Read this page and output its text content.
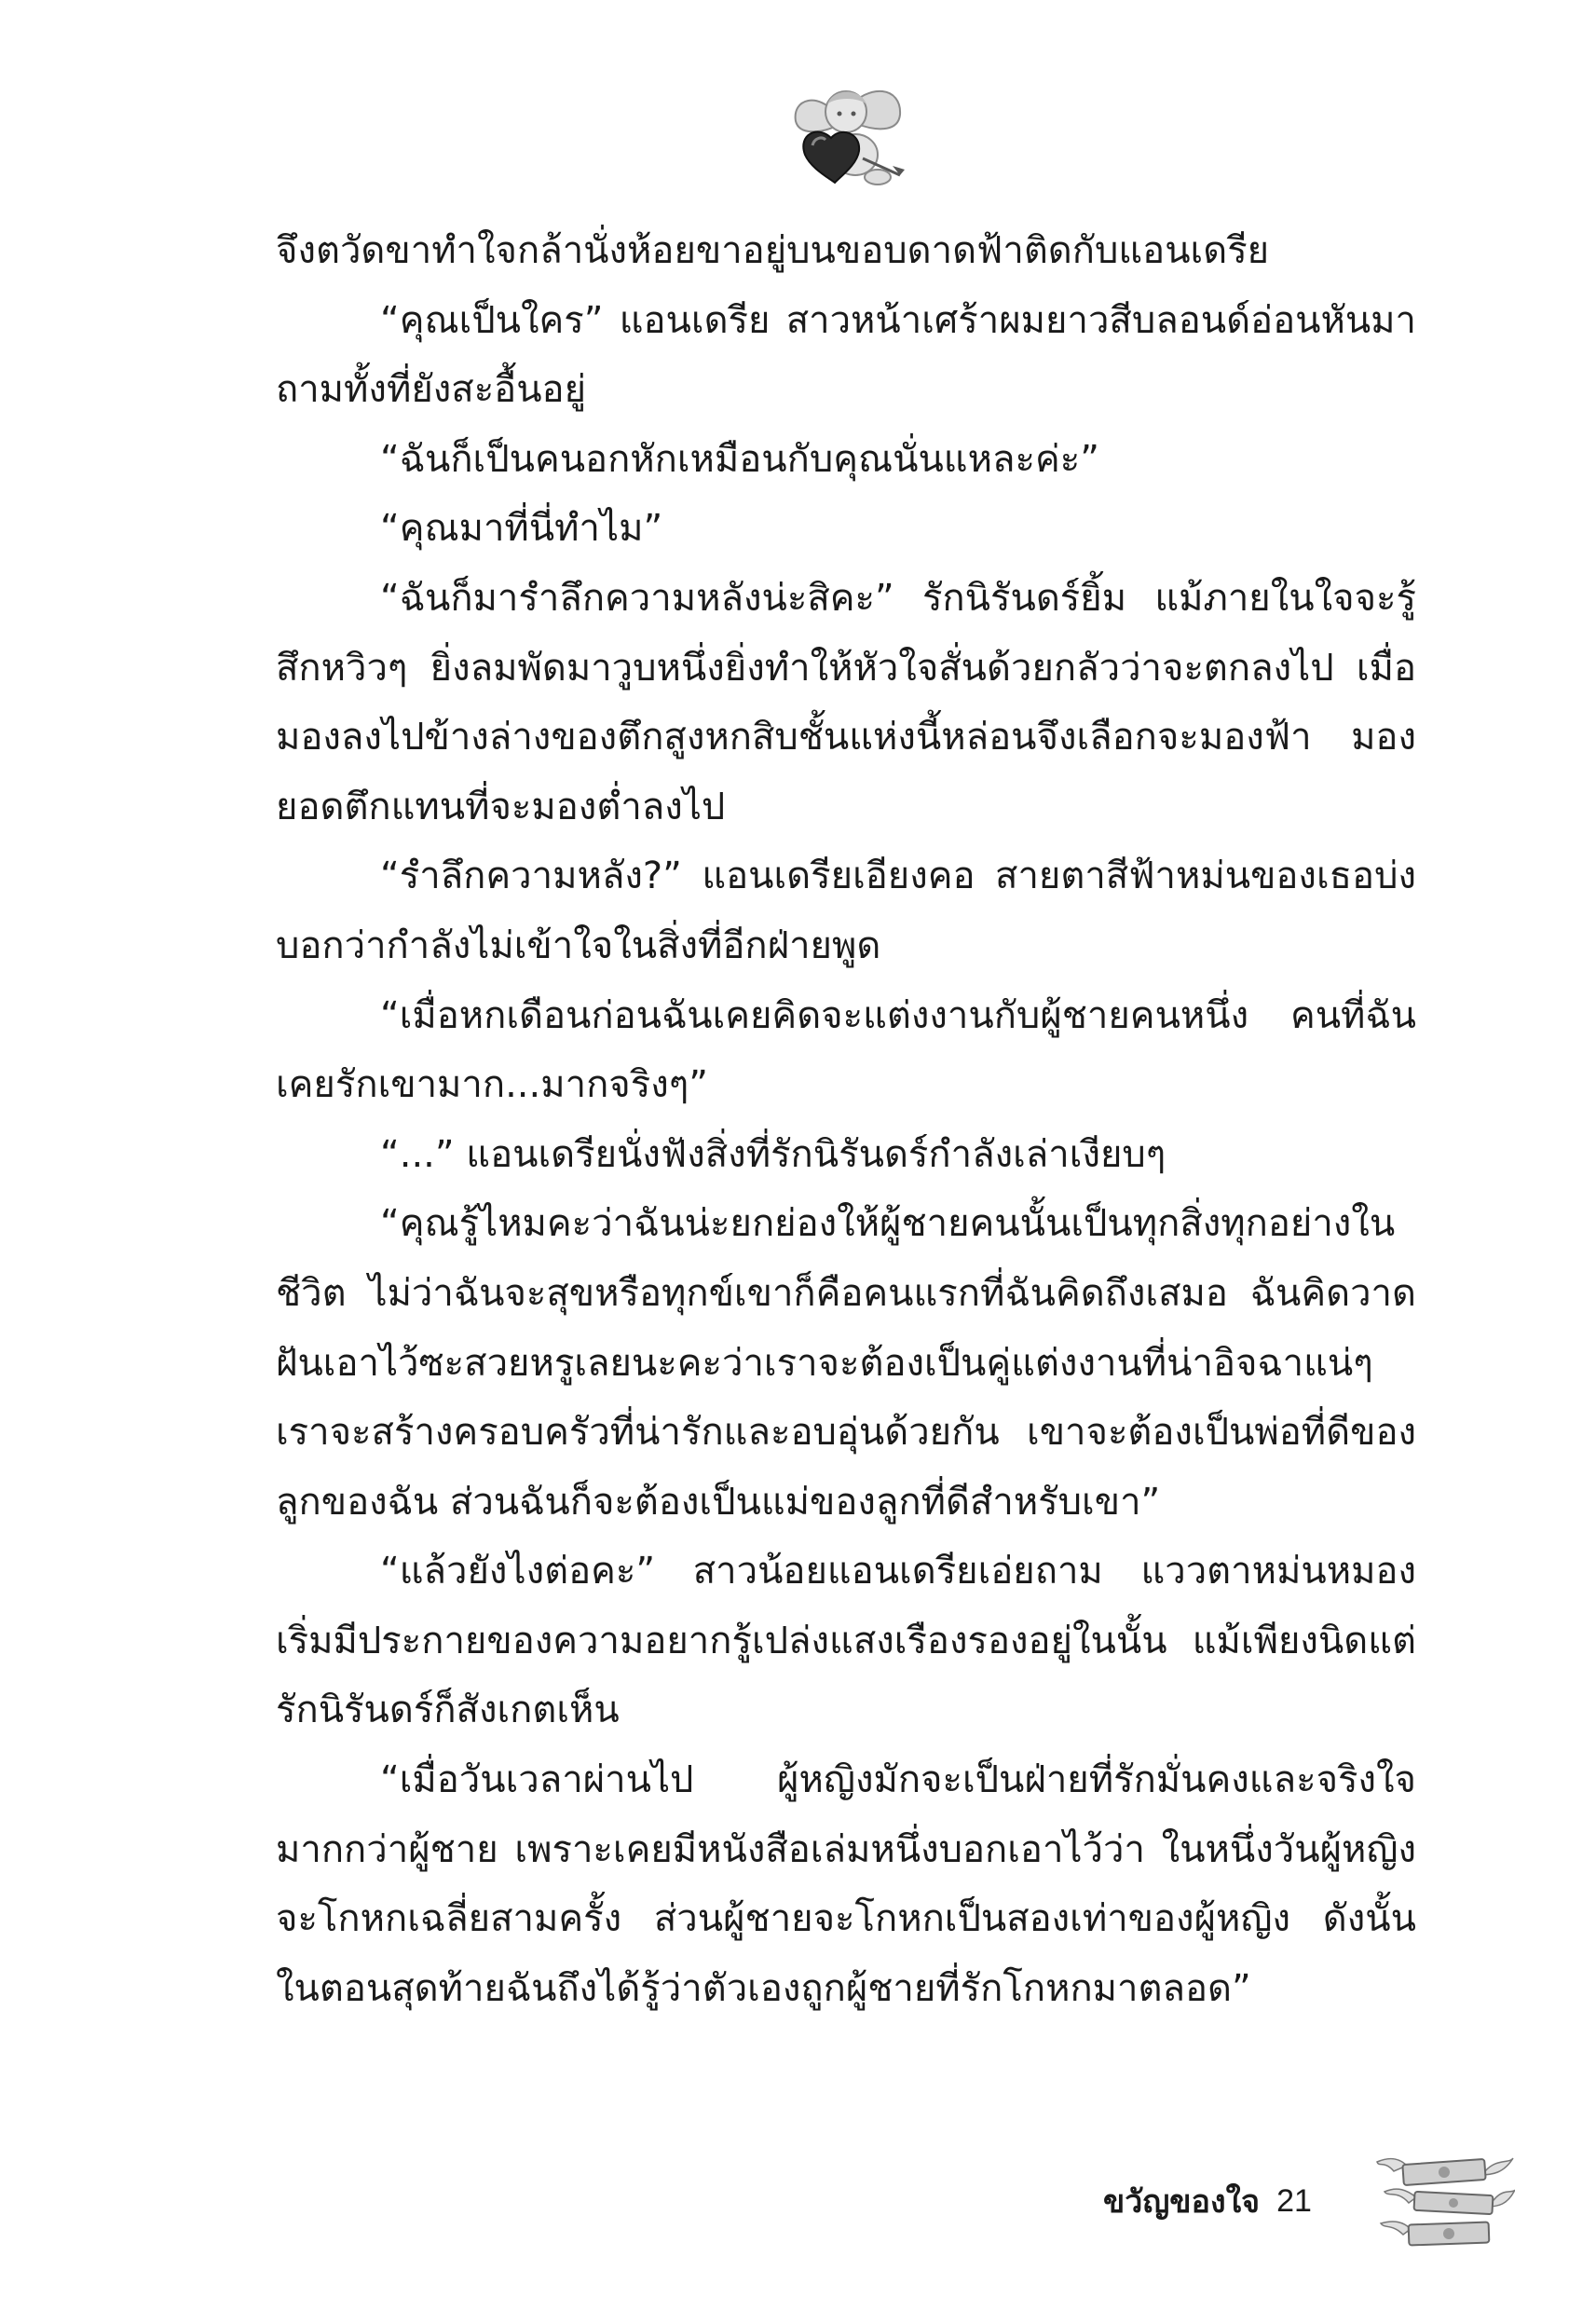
จึงตวัดขาทำใจกล้านั่งห้อยขาอยู่บนขอบดาดฟ้าติดกับแอนเดรีย

“คุณเป็นใคร” แอนเดรีย สาวหน้าเศร้าผมยาวสีบลอนด์อ่อนหันมาถามทั้งที่ยังสะอื้นอยู่

“ฉันก็เป็นคนอกหักเหมือนกับคุณนั่นแหละค่ะ”

“คุณมาที่นี่ทำไม”

“ฉันก็มารำลึกความหลังน่ะสิคะ” รักนิรันดร์ยิ้ม แม้ภายในใจจะรู้สึกหวิวๆ ยิ่งลมพัดมาวูบหนึ่งยิ่งทำให้หัวใจสั่นด้วยกลัวว่าจะตกลงไป เมื่อมองลงไปข้างล่างของตึกสูงหกสิบชั้นแห่งนี้หล่อนจึงเลือกจะมองฟ้า มองยอดตึกแทนที่จะมองต่ำลงไป

“รำลึกความหลัง?” แอนเดรียเอียงคอ สายตาสีฟ้าหม่นของเธอบ่งบอกว่ากำลังไม่เข้าใจในสิ่งที่อีกฝ่ายพูด

“เมื่อหกเดือนก่อนฉันเคยคิดจะแต่งงานกับผู้ชายคนหนึ่ง คนที่ฉันเคยรักเขามาก...มากจริงๆ”

“...” แอนเดรียนั่งฟังสิ่งที่รักนิรันดร์กำลังเล่าเงียบๆ

“คุณรู้ไหมคะว่าฉันน่ะยกย่องให้ผู้ชายคนนั้นเป็นทุกสิ่งทุกอย่างในชีวิต ไม่ว่าฉันจะสุขหรือทุกข์เขาก็คือคนแรกที่ฉันคิดถึงเสมอ ฉันคิดวาดฝันเอาไว้ซะสวยหรูเลยนะคะว่าเราจะต้องเป็นคู่แต่งงานที่น่าอิจฉาแน่ๆ เราจะสร้างครอบครัวที่น่ารักและอบอุ่นด้วยกัน เขาจะต้องเป็นพ่อที่ดีของลูกของฉัน ส่วนฉันก็จะต้องเป็นแม่ของลูกที่ดีสำหรับเขา”

“แล้วยังไงต่อคะ” สาวน้อยแอนเดรียเอ่ยถาม แววตาหม่นหมองเริ่มมีประกายของความอยากรู้เปล่งแสงเรืองรองอยู่ในนั้น แม้เพียงนิดแต่รักนิรันดร์ก็สังเกตเห็น

“เมื่อวันเวลาผ่านไป ผู้หญิงมักจะเป็นฝ่ายที่รักมั่นคงและจริงใจมากกว่าผู้ชาย เพราะเคยมีหนังสือเล่มหนึ่งบอกเอาไว้ว่า ในหนึ่งวันผู้หญิงจะโกหกเฉลี่ยสามครั้ง ส่วนผู้ชายจะโกหกเป็นสองเท่าของผู้หญิง ดังนั้นในตอนสุดท้ายฉันถึงได้รู้ว่าตัวเองถูกผู้ชายที่รักโกหกมาตลอด”

ขวัญของใจ 21
